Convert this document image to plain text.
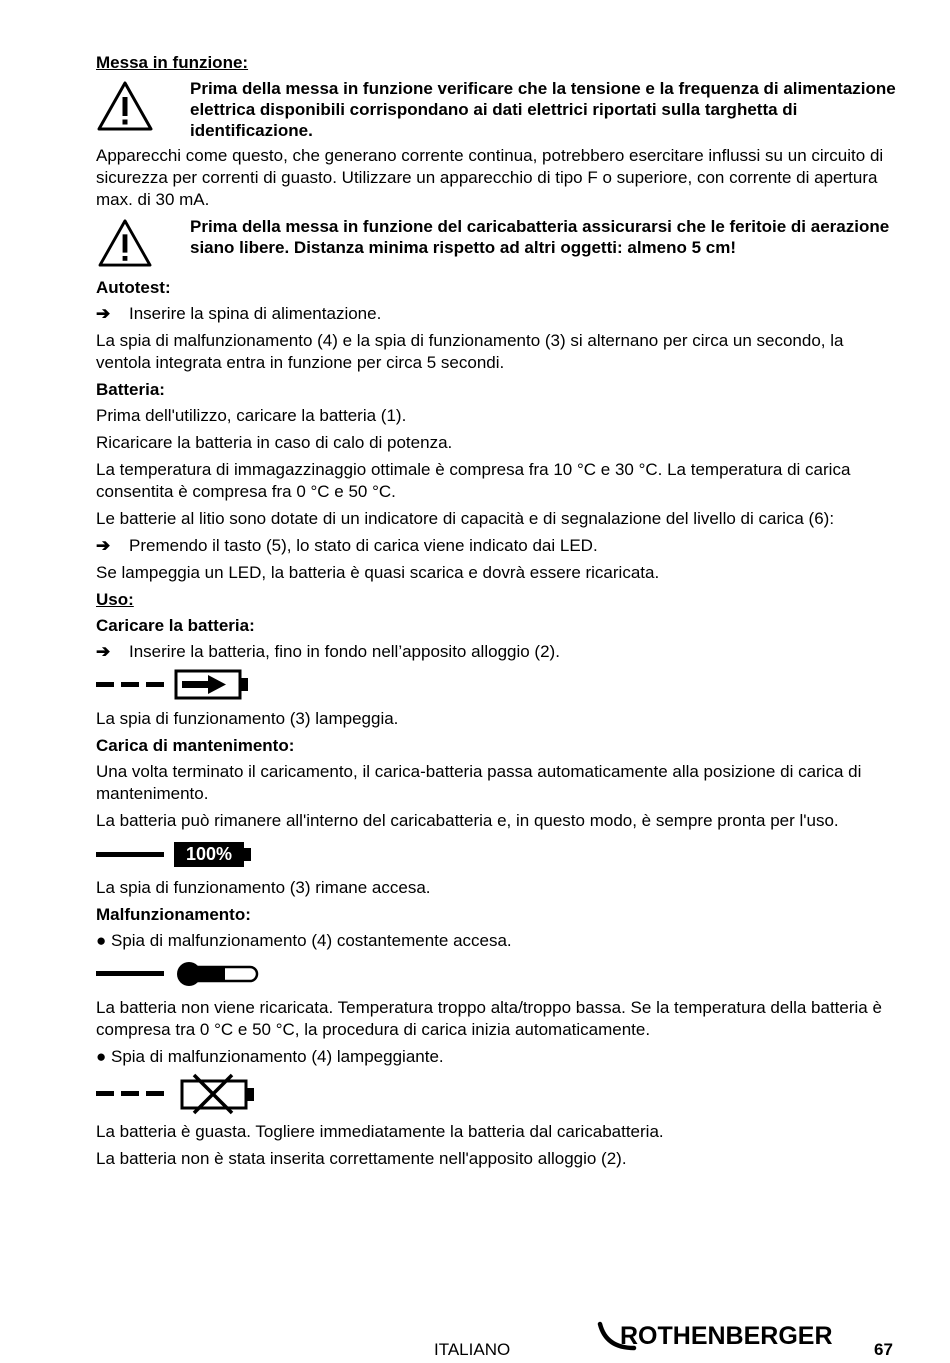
Messa in funzione:
Prima della messa in funzione verificare che la tensione e la frequenza di alimentazione elettrica disponibili corrispondano ai dati elettrici riportati sulla targhetta di identificazione.

Apparecchi come questo, che generano corrente continua, potrebbero esercitare influssi su un circuito di sicurezza per correnti di guasto. Utilizzare un apparecchio di tipo F o superiore, con corrente di apertura max. di 30 mA.

Prima della messa in funzione del caricabatteria assicurarsi che le feritoie di aerazione siano libere. Distanza minima rispetto ad altri oggetti: almeno 5 cm!
Autotest:
➔	Inserire la spina di alimentazione.

La spia di malfunzionamento (4) e la spia di funzionamento (3) si alternano per circa un secondo, la ventola integrata entra in funzione per circa 5 secondi.

Batteria:

Prima dell'utilizzo, caricare la batteria (1).

Ricaricare la batteria in caso di calo di potenza.

La temperatura di immagazzinaggio ottimale è compresa fra 10 °C e 30 °C. La temperatura di carica consentita è compresa fra 0 °C e 50 °C.

Le batterie al litio sono dotate di un indicatore di capacità e di segnalazione del livello di carica (6):

➔	Premendo il tasto (5), lo stato di carica viene indicato dai LED.

Se lampeggia un LED, la batteria è quasi scarica e dovrà essere ricaricata.

Uso:
Caricare la batteria:
➔	Inserire la batteria, fino in fondo nell’apposito alloggio (2).

La spia di funzionamento (3) lampeggia.

Carica di mantenimento:

Una volta terminato il caricamento, il carica-batteria passa automaticamente alla posizione di carica di mantenimento.

La batteria può rimanere all'interno del caricabatteria e, in questo modo, è sempre pronta per l'uso.

100%

La spia di funzionamento (3) rimane accesa.

Malfunzionamento:

● Spia di malfunzionamento (4) costantemente accesa.

La batteria non viene ricaricata. Temperatura troppo alta/troppo bassa. Se la temperatura della batteria è compresa tra 0 °C e 50 °C, la procedura di carica inizia automaticamente.

● Spia di malfunzionamento (4) lampeggiante.

La batteria è guasta. Togliere immediatamente la batteria dal caricabatteria.

La batteria non è stata inserita correttamente nell'apposito alloggio (2).

ITALIANO	ROTHENBERGER 67
